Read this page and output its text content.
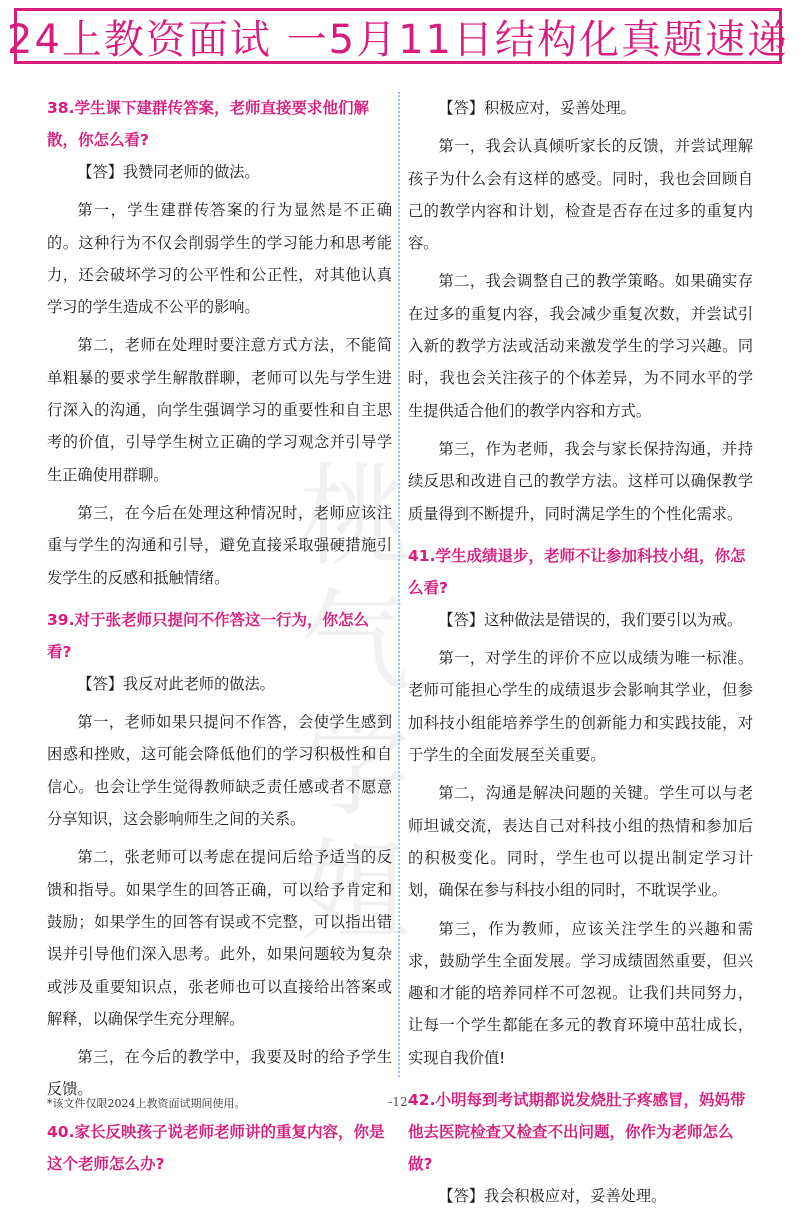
24上教资面试 一5月11日结构化真题速递
桃气学姐
38.学生课下建群传答案，老师直接要求他们解散，你怎么看?

【答】我赞同老师的做法。

第一，学生建群传答案的行为显然是不正确的。这种行为不仅会削弱学生的学习能力和思考能力，还会破坏学习的公平性和公正性，对其他认真学习的学生造成不公平的影响。

第二，老师在处理时要注意方式方法，不能简单粗暴的要求学生解散群聊，老师可以先与学生进行深入的沟通，向学生强调学习的重要性和自主思考的价值，引导学生树立正确的学习观念并引导学生正确使用群聊。

第三，在今后在处理这种情况时，老师应该注重与学生的沟通和引导，避免直接采取强硬措施引发学生的反感和抵触情绪。

39.对于张老师只提问不作答这一行为，你怎么看?

【答】我反对此老师的做法。

第一，老师如果只提问不作答，会使学生感到困惑和挫败，这可能会降低他们的学习积极性和自信心。也会让学生觉得教师缺乏责任感或者不愿意分享知识，这会影响师生之间的关系。

第二，张老师可以考虑在提问后给予适当的反馈和指导。如果学生的回答正确，可以给予肯定和鼓励；如果学生的回答有误或不完整，可以指出错误并引导他们深入思考。此外，如果问题较为复杂或涉及重要知识点，张老师也可以直接给出答案或解释，以确保学生充分理解。

第三，在今后的教学中，我要及时的给予学生反馈。

40.家长反映孩子说老师老师讲的重复内容，你是这个老师怎么办?

【答】积极应对，妥善处理。

第一，我会认真倾听家长的反馈，并尝试理解孩子为什么会有这样的感受。同时，我也会回顾自己的教学内容和计划，检查是否存在过多的重复内容。

第二，我会调整自己的教学策略。如果确实存在过多的重复内容，我会减少重复次数，并尝试引入新的教学方法或活动来激发学生的学习兴趣。同时，我也会关注孩子的个体差异，为不同水平的学生提供适合他们的教学内容和方式。

第三，作为老师，我会与家长保持沟通，并持续反思和改进自己的教学方法。这样可以确保教学质量得到不断提升，同时满足学生的个性化需求。

41.学生成绩退步，老师不让参加科技小组，你怎么看?

【答】这种做法是错误的，我们要引以为戒。

第一，对学生的评价不应以成绩为唯一标准。老师可能担心学生的成绩退步会影响其学业，但参加科技小组能培养学生的创新能力和实践技能，对于学生的全面发展至关重要。

第二，沟通是解决问题的关键。学生可以与老师坦诚交流，表达自己对科技小组的热情和参加后的积极变化。同时，学生也可以提出制定学习计划，确保在参与科技小组的同时，不耽误学业。

第三，作为教师，应该关注学生的兴趣和需求，鼓励学生全面发展。学习成绩固然重要，但兴趣和才能的培养同样不可忽视。让我们共同努力，让每一个学生都能在多元的教育环境中茁壮成长，实现自我价值!

42.小明每到考试期都说发烧肚子疼感冒，妈妈带他去医院检查又检查不出问题，你作为老师怎么做?

【答】我会积极应对，妥善处理。

*该文件仅限2024上教资面试期间使用。	-12-
